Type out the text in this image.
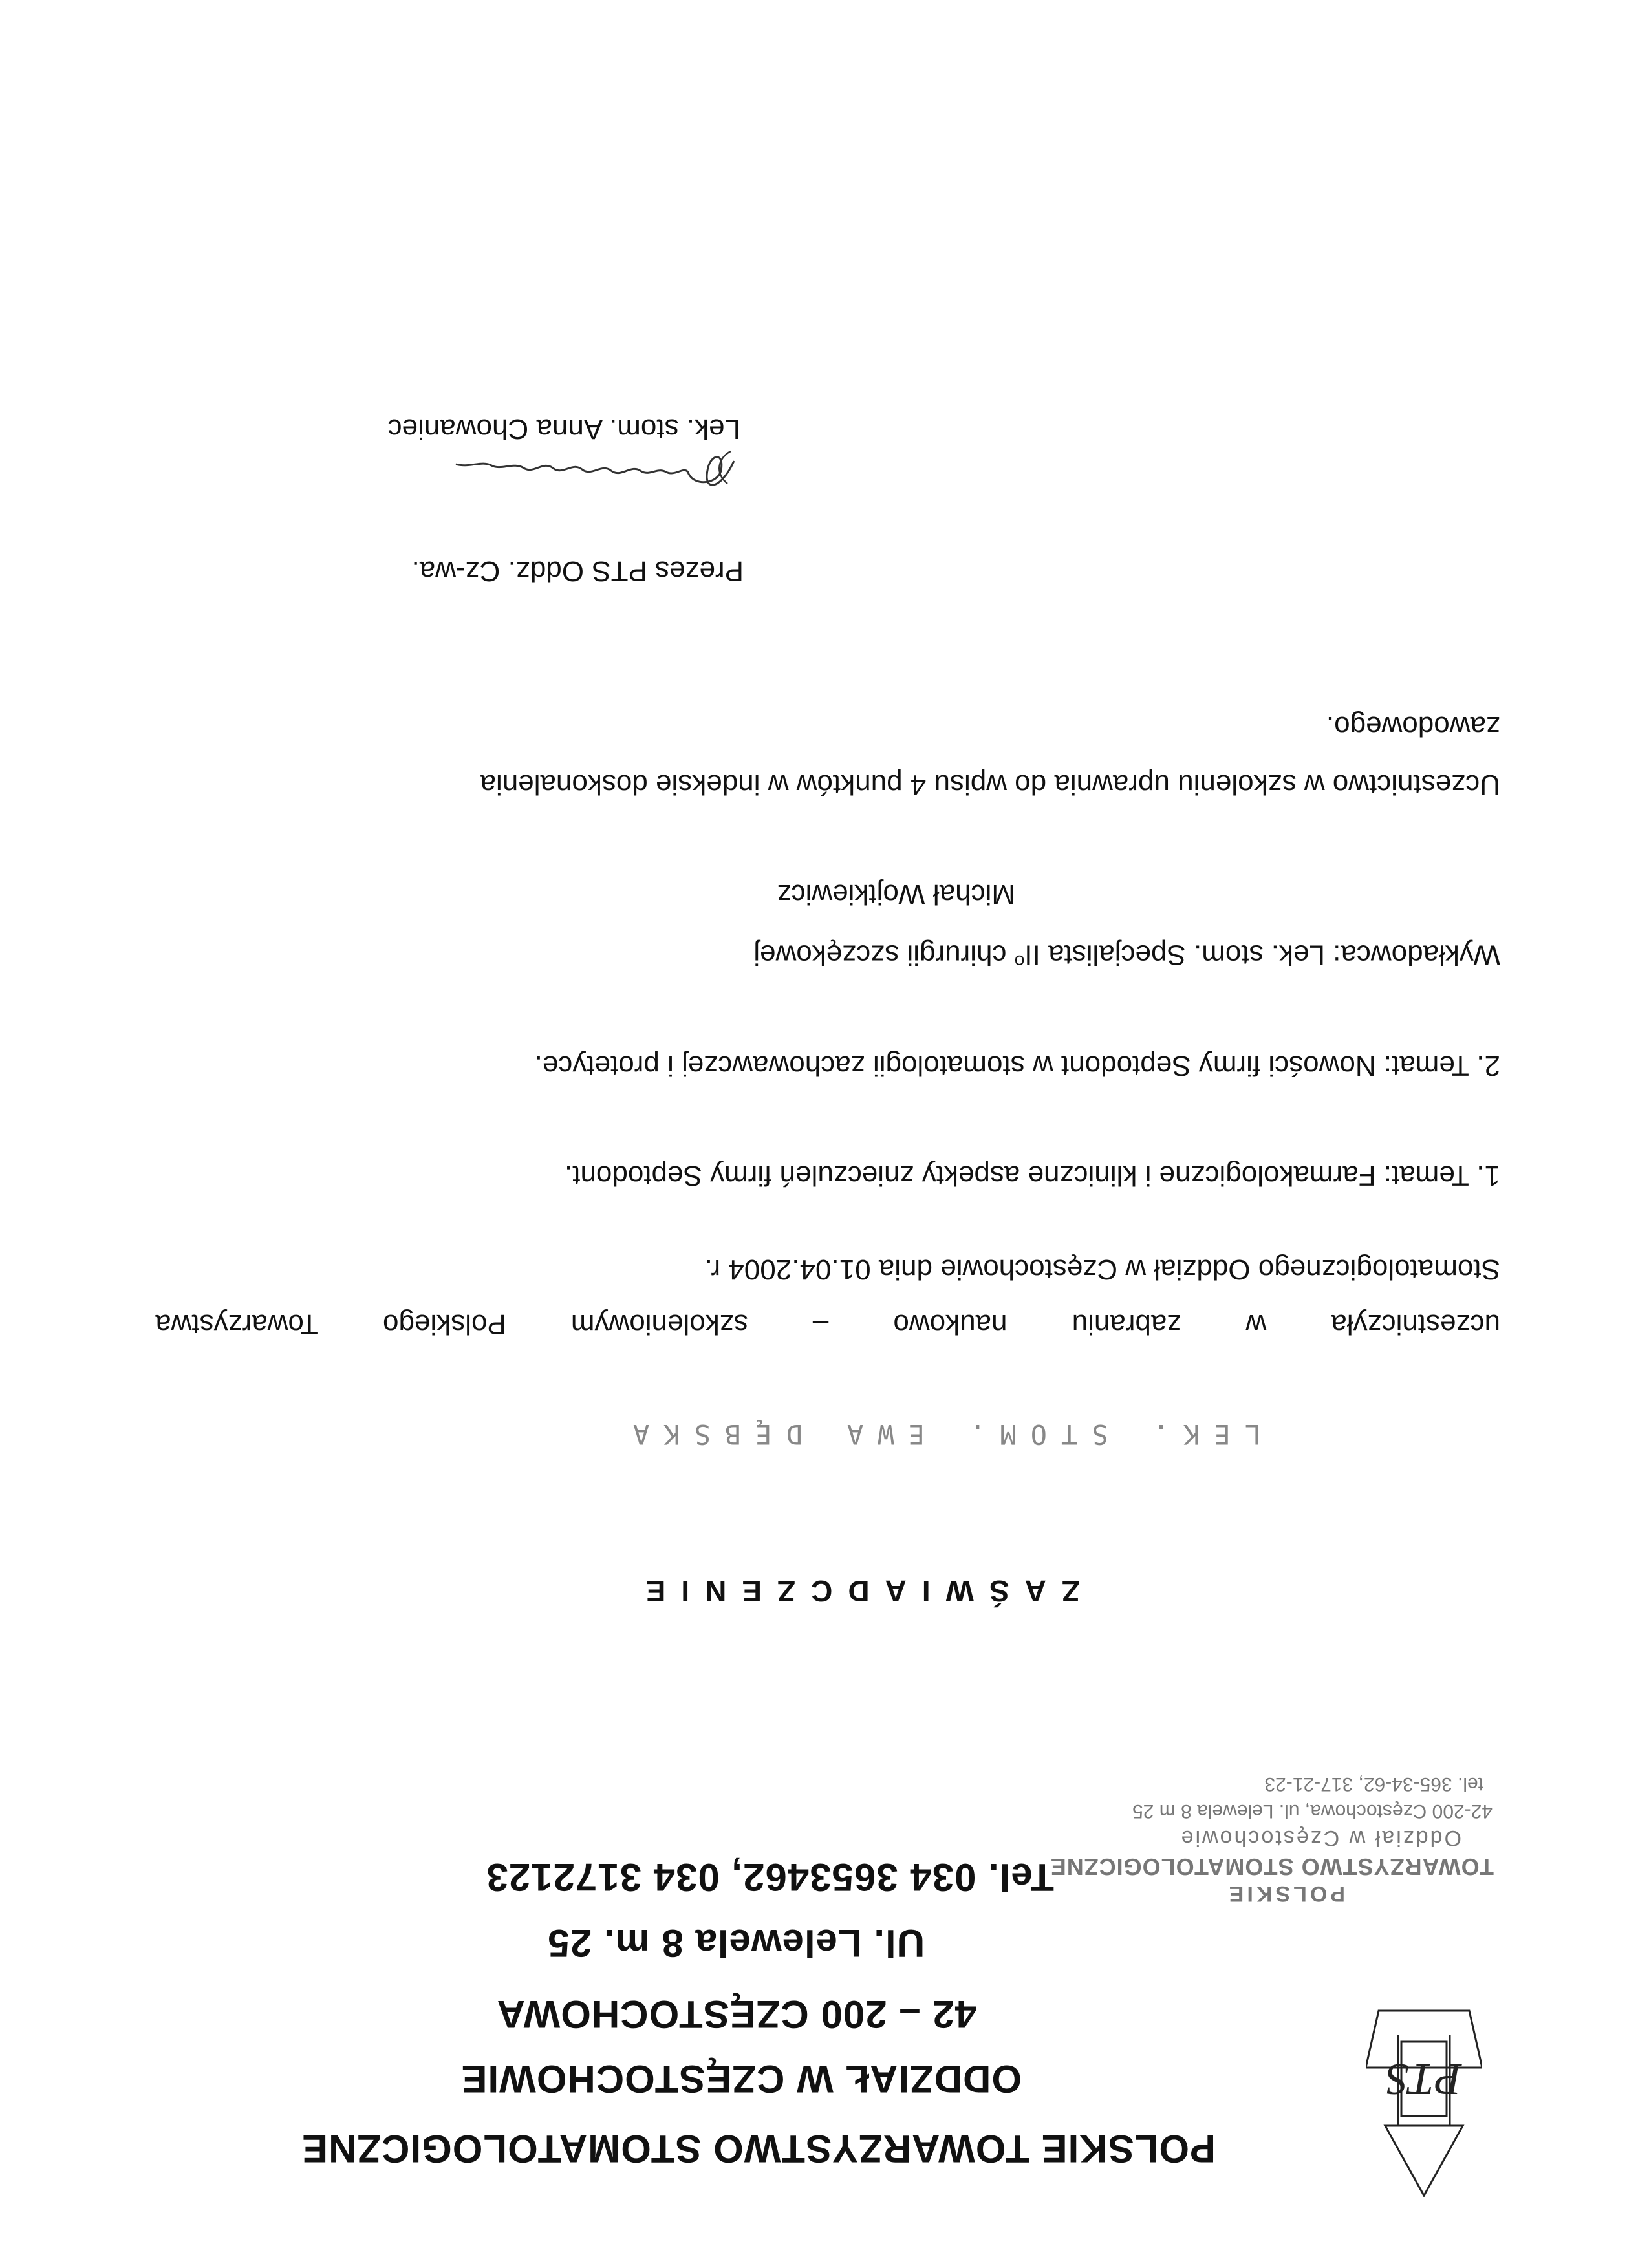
PTS
POLSKIE TOWARZYSTWO STOMATOLOGICZNE
ODDZIAŁ W CZĘSTOCHOWIE
42 – 200 CZĘSTOCHOWA
Ul. Lelewela 8 m. 25
Tel. 034 3653462, 034 3172123	POLSKIE
TOWARZYSTWO STOMATOLOGICZNE
Oddział w Częstochowie
42-200 Częstochowa, ul. Lelewela 8 m 25
tel. 365-34-62, 317-21-23
ZAŚWIADCZENIE
LEK. STOM. EWA DĘBSKA
uczestniczyła
w
zabraniu
naukowo
–
szkoleniowym
Polskiego
Towarzystwa
Stomatologicznego Oddział w Częstochowie dnia 01.04.2004 r.
1. Temat: Farmakologiczne i kliniczne aspekty znieczuleń firmy Septodont.
2. Temat: Nowości firmy Septodont w stomatologii zachowawczej i protetyce.
Wykładowca: Lek. stom. Specjalista $II^o$ chirurgii szczękowej
Michał Wojtkiewicz
Uczestnictwo w szkoleniu uprawnia do wpisu 4 punktów w indeksie doskonalenia
zawodowego.
Prezes PTS Oddz. Cz-wa.
Lek. stom. Anna Chowaniec
